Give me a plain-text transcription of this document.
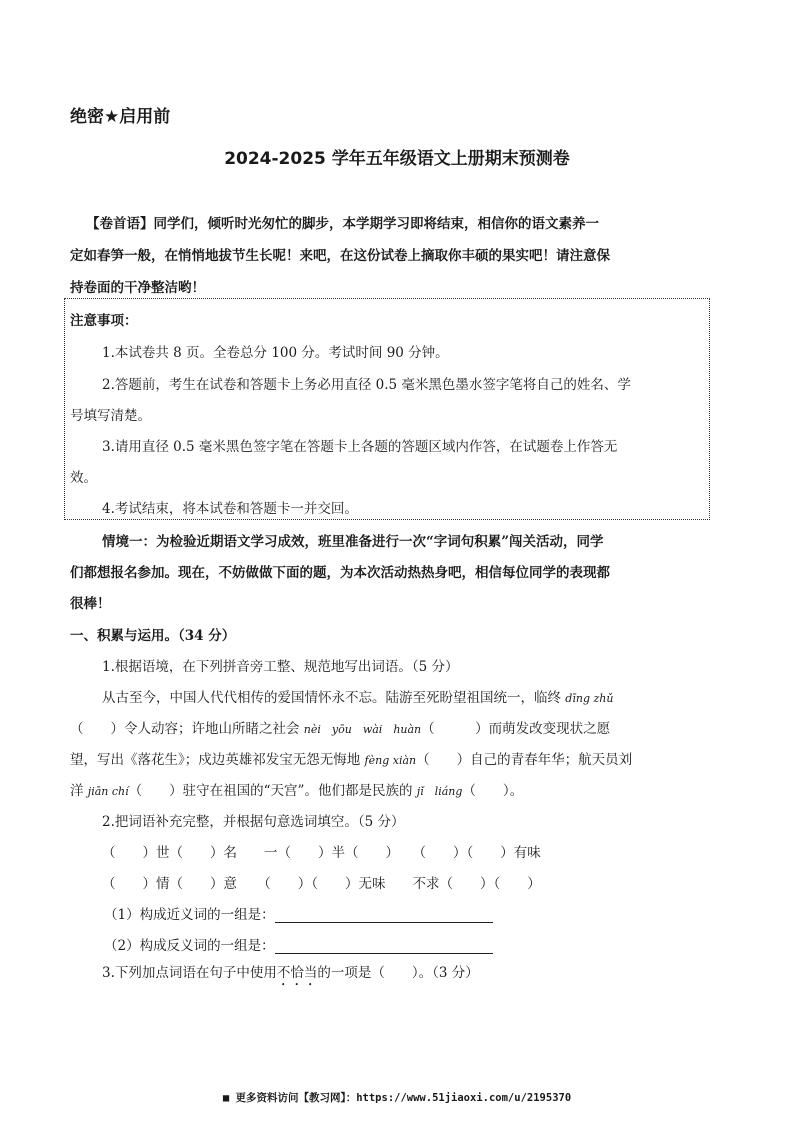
绝密★启用前
2024-2025 学年五年级语文上册期末预测卷
【卷首语】同学们，倾听时光匆忙的脚步，本学期学习即将结束，相信你的语文素养一
定如春笋一般，在悄悄地拔节生长呢！来吧，在这份试卷上摘取你丰硕的果实吧！请注意保
持卷面的干净整洁哟！
注意事项：
1.本试卷共 8 页。全卷总分 100 分。考试时间 90 分钟。
2.答题前，考生在试卷和答题卡上务必用直径 0.5 毫米黑色墨水签字笔将自己的姓名、学
号填写清楚。
3.请用直径 0.5 毫米黑色签字笔在答题卡上各题的答题区域内作答，在试题卷上作答无
效。
4.考试结束，将本试卷和答题卡一并交回。
情境一：为检验近期语文学习成效，班里准备进行一次“字词句积累”闯关活动，同学
们都想报名参加。现在，不妨做做下面的题，为本次活动热热身吧，相信每位同学的表现都
很棒！
一、积累与运用。（34 分）
1.根据语境，在下列拼音旁工整、规范地写出词语。（5 分）
从古至今，中国人代代相传的爱国情怀永不忘。陆游至死盼望祖国统一，临终 dīng zhǔ
（　　）令人动容；许地山所睹之社会 nèi　yōu　wài　huàn（　　　）而萌发改变现状之愿
望，写出《落花生》；戍边英雄祁发宝无怨无悔地 fèng xiàn（　　）自己的青春年华；航天员刘
洋 jiān chí（　　）驻守在祖国的“天宫”。他们都是民族的 jǐ　liáng（　　）。
2.把词语补充完整，并根据句意选词填空。（5 分）
（　　）世（　　）名　　一（　　）半（　　）　　（　　）（　　）有味
（　　）情（　　）意　　（　　）（　　）无味　　不求（　　）（　　）
（1）构成近义词的一组是：
（2）构成反义词的一组是：
3.下列加点词语在句子中使用不恰当的一项是（　　）。（3 分）
■ 更多资料访问【教习网】：https://www.51jiaoxi.com/u/2195370
